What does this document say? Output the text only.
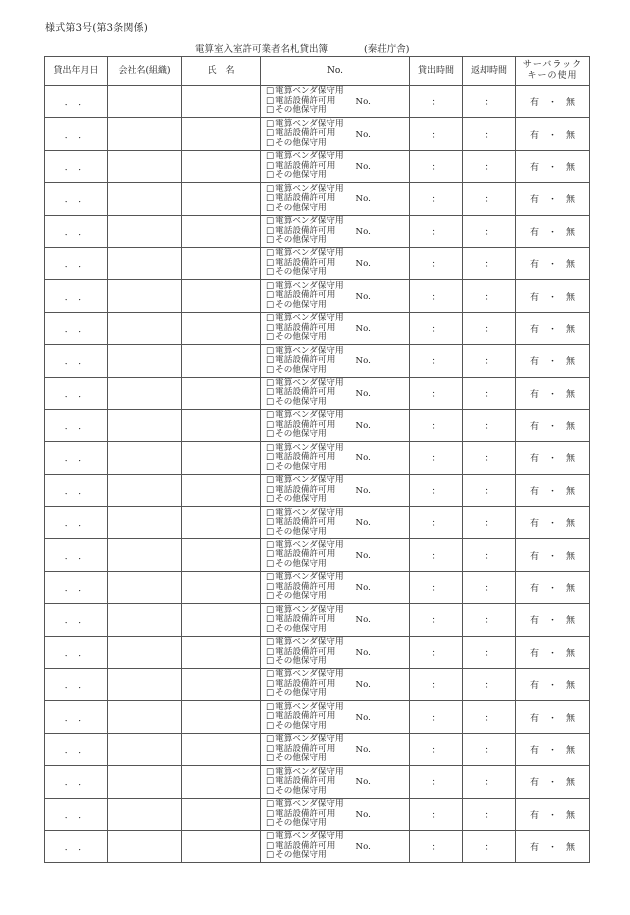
様式第3号(第3条関係)
電算室入室許可業者名札貸出簿	(秦荘庁舎)
貸出年月日	会社名(組織)	氏　名	No.	貸出時間	返却時間	サーバラック
キーの使用
．　．			□電算ベンダ保守用
□電話設備許可用
□その他保守用
No.	：	：	有 ・ 無
．　．			□電算ベンダ保守用
□電話設備許可用
□その他保守用
No.	：	：	有 ・ 無
．　．			□電算ベンダ保守用
□電話設備許可用
□その他保守用
No.	：	：	有 ・ 無
．　．			□電算ベンダ保守用
□電話設備許可用
□その他保守用
No.	：	：	有 ・ 無
．　．			□電算ベンダ保守用
□電話設備許可用
□その他保守用
No.	：	：	有 ・ 無
．　．			□電算ベンダ保守用
□電話設備許可用
□その他保守用
No.	：	：	有 ・ 無
．　．			□電算ベンダ保守用
□電話設備許可用
□その他保守用
No.	：	：	有 ・ 無
．　．			□電算ベンダ保守用
□電話設備許可用
□その他保守用
No.	：	：	有 ・ 無
．　．			□電算ベンダ保守用
□電話設備許可用
□その他保守用
No.	：	：	有 ・ 無
．　．			□電算ベンダ保守用
□電話設備許可用
□その他保守用
No.	：	：	有 ・ 無
．　．			□電算ベンダ保守用
□電話設備許可用
□その他保守用
No.	：	：	有 ・ 無
．　．			□電算ベンダ保守用
□電話設備許可用
□その他保守用
No.	：	：	有 ・ 無
．　．			□電算ベンダ保守用
□電話設備許可用
□その他保守用
No.	：	：	有 ・ 無
．　．			□電算ベンダ保守用
□電話設備許可用
□その他保守用
No.	：	：	有 ・ 無
．　．			□電算ベンダ保守用
□電話設備許可用
□その他保守用
No.	：	：	有 ・ 無
．　．			□電算ベンダ保守用
□電話設備許可用
□その他保守用
No.	：	：	有 ・ 無
．　．			□電算ベンダ保守用
□電話設備許可用
□その他保守用
No.	：	：	有 ・ 無
．　．			□電算ベンダ保守用
□電話設備許可用
□その他保守用
No.	：	：	有 ・ 無
．　．			□電算ベンダ保守用
□電話設備許可用
□その他保守用
No.	：	：	有 ・ 無
．　．			□電算ベンダ保守用
□電話設備許可用
□その他保守用
No.	：	：	有 ・ 無
．　．			□電算ベンダ保守用
□電話設備許可用
□その他保守用
No.	：	：	有 ・ 無
．　．			□電算ベンダ保守用
□電話設備許可用
□その他保守用
No.	：	：	有 ・ 無
．　．			□電算ベンダ保守用
□電話設備許可用
□その他保守用
No.	：	：	有 ・ 無
．　．			□電算ベンダ保守用
□電話設備許可用
□その他保守用
No.	：	：	有 ・ 無
